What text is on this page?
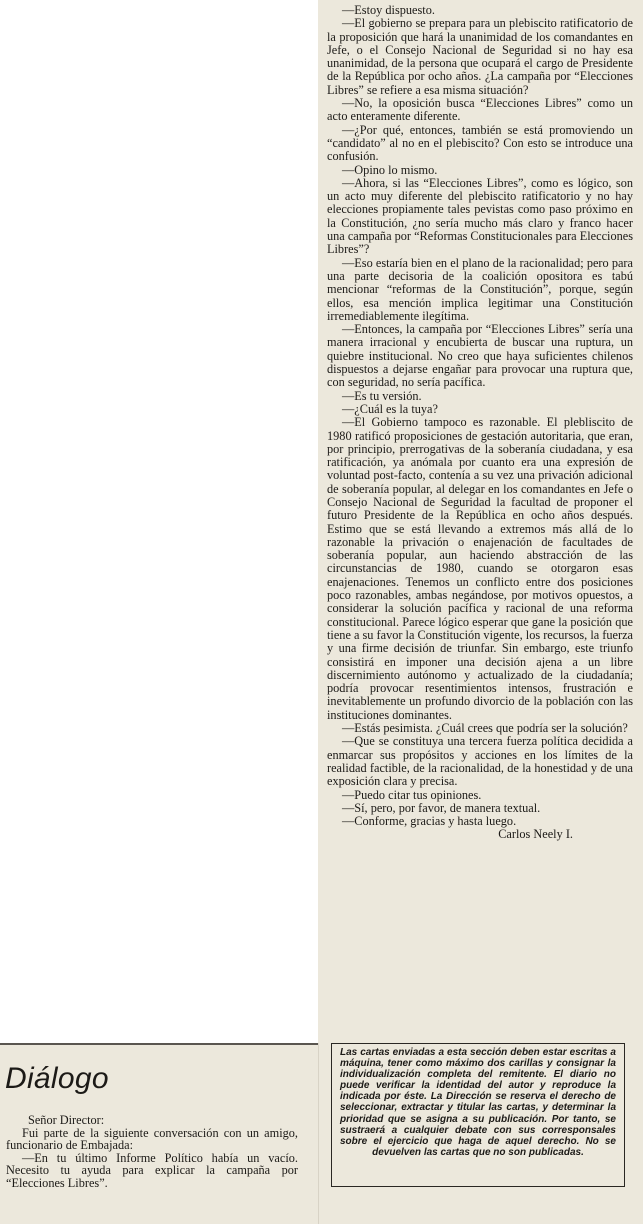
—Estoy dispuesto.

—El gobierno se prepara para un plebiscito ratificatorio de la proposición que hará la unanimidad de los comandantes en Jefe, o el Consejo Nacional de Seguridad si no hay esa unanimidad, de la persona que ocupará el cargo de Presidente de la República por ocho años. ¿La campaña por “Elecciones Libres” se refiere a esa misma situación?

—No, la oposición busca “Elecciones Libres” como un acto enteramente diferente.

—¿Por qué, entonces, también se está promoviendo un “candidato” al no en el plebiscito? Con esto se introduce una confusión.

—Opino lo mismo.

—Ahora, si las “Elecciones Libres”, como es lógico, son un acto muy diferente del plebiscito ratificatorio y no hay elecciones propiamente tales pevistas como paso próximo en la Constitución, ¿no sería mucho más claro y franco hacer una campaña por “Reformas Constitucionales para Elecciones Libres”?

—Eso estaría bien en el plano de la racionalidad; pero para una parte decisoria de la coalición opositora es tabú mencionar “reformas de la Constitución”, porque, según ellos, esa mención implica legitimar una Constitución irremediablemente ilegítima.

—Entonces, la campaña por “Elecciones Libres” sería una manera irracional y encubierta de buscar una ruptura, un quiebre institucional. No creo que haya suficientes chilenos dispuestos a dejarse engañar para provocar una ruptura que, con seguridad, no sería pacífica.

—Es tu versión.

—¿Cuál es la tuya?

—El Gobierno tampoco es razonable. El plebliscito de 1980 ratificó proposiciones de gestación autoritaria, que eran, por principio, prerrogativas de la soberanía ciudadana, y esa ratificación, ya anómala por cuanto era una expresión de voluntad post-facto, contenía a su vez una privación adicional de soberanía popular, al delegar en los comandantes en Jefe o Consejo Nacional de Seguridad la facultad de proponer el futuro Presidente de la República en ocho años después. Estimo que se está llevando a extremos más allá de lo razonable la privación o enajenación de facultades de soberanía popular, aun haciendo abstracción de las circunstancias de 1980, cuando se otorgaron esas enajenaciones. Tenemos un conflicto entre dos posiciones poco razonables, ambas negándose, por motivos opuestos, a considerar la solución pacífica y racional de una reforma constitucional. Parece lógico esperar que gane la posición que tiene a su favor la Constitución vigente, los recursos, la fuerza y una firme decisión de triunfar. Sin embargo, este triunfo consistirá en imponer una decisión ajena a un libre discernimiento autónomo y actualizado de la ciudadanía; podría provocar resentimientos intensos, frustración e inevitablemente un profundo divorcio de la población con las instituciones dominantes.

—Estás pesimista. ¿Cuál crees que podría ser la solución?

—Que se constituya una tercera fuerza política decidida a enmarcar sus propósitos y acciones en los límites de la realidad factible, de la racionalidad, de la honestidad y de una exposición clara y precisa.

—Puedo citar tus opiniones.

—Sí, pero, por favor, de manera textual.

—Conforme, gracias y hasta luego.

Carlos Neely I.

Diálogo

Señor Director:

Fui parte de la siguiente conversación con un amigo, funcionario de Embajada:

—En tu último Informe Político había un vacío. Necesito tu ayuda para explicar la campaña por “Elecciones Libres”.

Las cartas enviadas a esta sección deben estar escritas a máquina, tener como máximo dos carillas y consignar la individualización completa del remitente. El diario no puede verificar la identidad del autor y reproduce la indicada por éste. La Dirección se reserva el derecho de seleccionar, extractar y titular las cartas, y determinar la prioridad que se asigna a su publicación. Por tanto, se sustraerá a cualquier debate con sus corresponsales sobre el ejercicio que haga de aquel derecho. No se devuelven las cartas que no son publicadas.
